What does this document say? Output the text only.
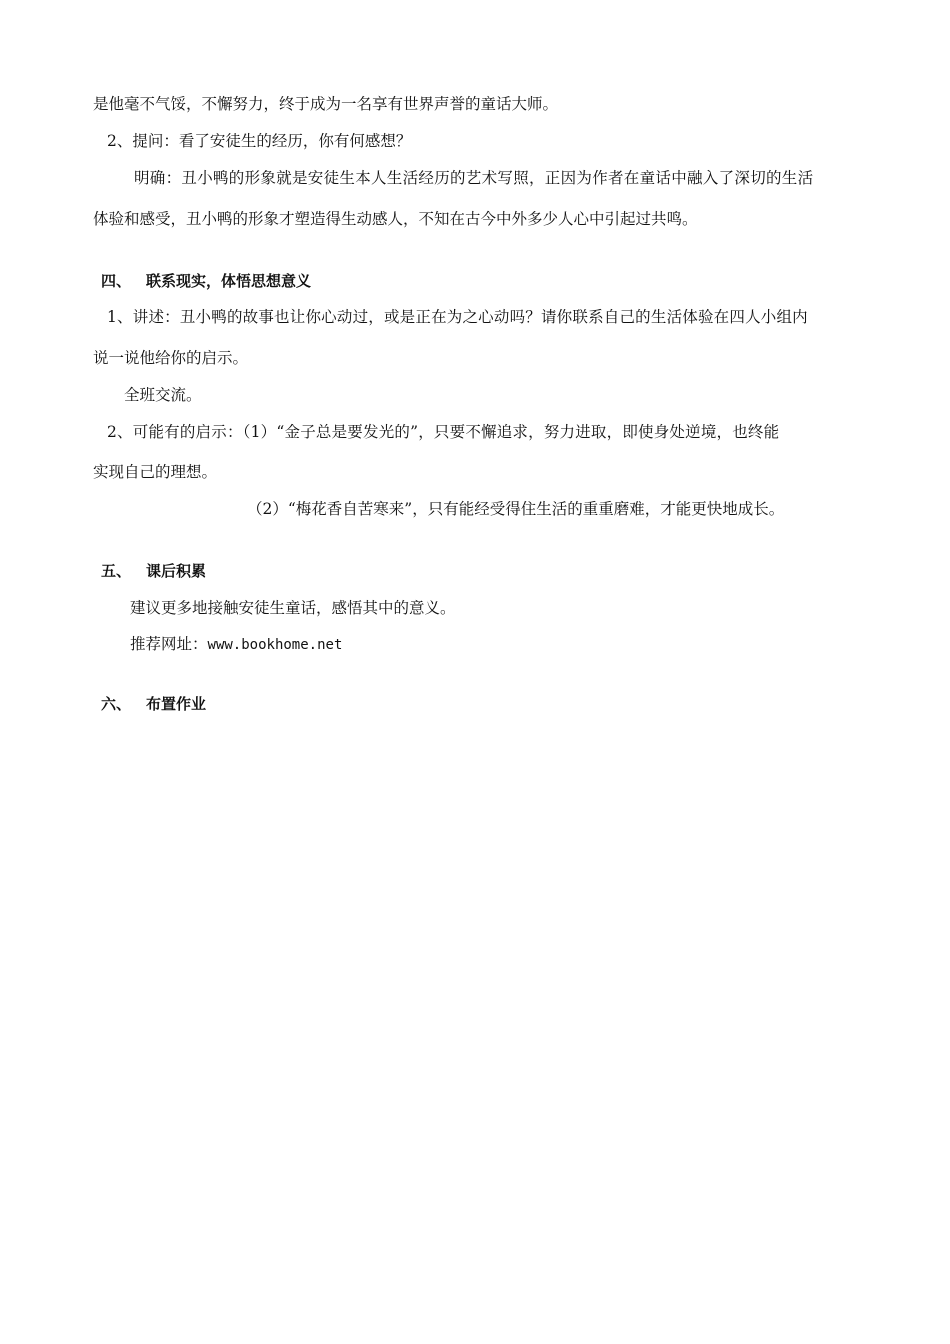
是他毫不气馁，不懈努力，终于成为一名享有世界声誉的童话大师。
2、提问：看了安徒生的经历，你有何感想？
明确：丑小鸭的形象就是安徒生本人生活经历的艺术写照，正因为作者在童话中融入了深切的生活
体验和感受，丑小鸭的形象才塑造得生动感人，不知在古今中外多少人心中引起过共鸣。
四、 联系现实，体悟思想意义
1、讲述：丑小鸭的故事也让你心动过，或是正在为之心动吗？请你联系自己的生活体验在四人小组内
说一说他给你的启示。
全班交流。
2、可能有的启示：（1）“金子总是要发光的”，只要不懈追求，努力进取，即使身处逆境，也终能
实现自己的理想。
（2）“梅花香自苦寒来”，只有能经受得住生活的重重磨难，才能更快地成长。
五、 课后积累
建议更多地接触安徒生童话，感悟其中的意义。
推荐网址：www.bookhome.net
六、 布置作业
